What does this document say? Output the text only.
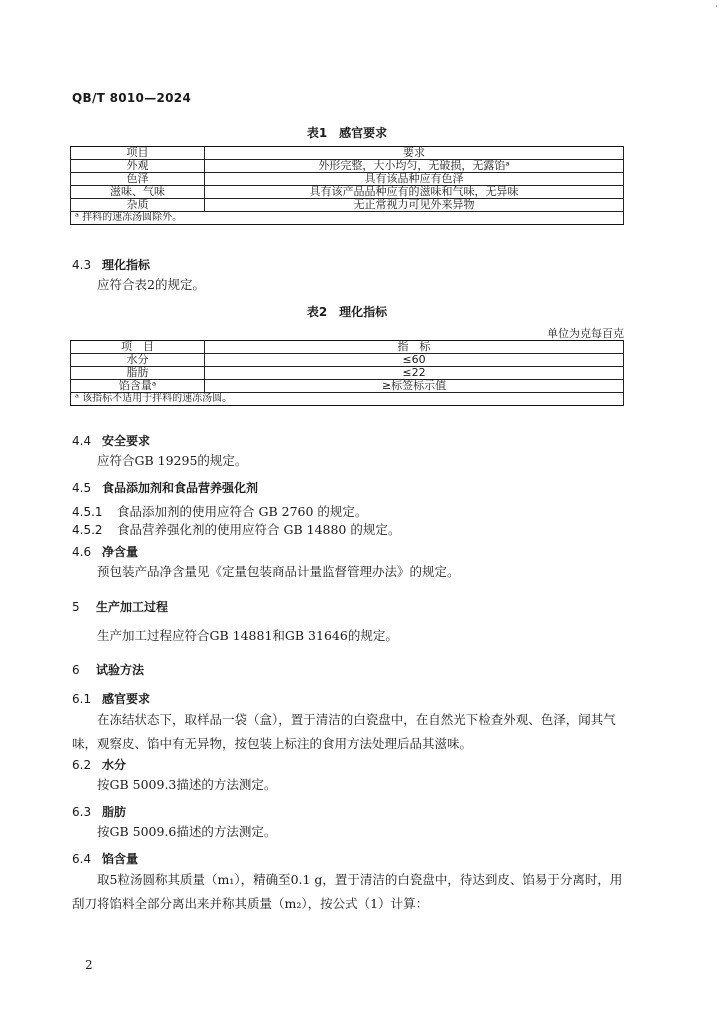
·
QB/T 8010—2024
表1　感官要求
项目	要求
外观	外形完整，大小均匀，无破损，无露馅ᵃ
色泽	具有该品种应有色泽
滋味、气味	具有该产品品种应有的滋味和气味，无异味
杂质	无正常视力可见外来异物
ᵃ 拌料的速冻汤圆除外。	
4.3 理化指标
应符合表2的规定。
表2　理化指标
单位为克每百克
项　目	指　标
水分	≤60
脂肪	≤22
馅含量ᵃ	≥标签标示值
ᵃ 该指标不适用于拌料的速冻汤圆。	
4.4 安全要求
应符合GB 19295的规定。
4.5 食品添加剂和食品营养强化剂
4.5.1 食品添加剂的使用应符合 GB 2760 的规定。
4.5.2 食品营养强化剂的使用应符合 GB 14880 的规定。
4.6 净含量
预包装产品净含量见《定量包装商品计量监督管理办法》的规定。
5 生产加工过程
生产加工过程应符合GB 14881和GB 31646的规定。
6 试验方法
6.1 感官要求
在冻结状态下，取样品一袋（盒），置于清洁的白瓷盘中，在自然光下检查外观、色泽，闻其气味，观察皮、馅中有无异物，按包装上标注的食用方法处理后品其滋味。
6.2 水分
按GB 5009.3描述的方法测定。
6.3 脂肪
按GB 5009.6描述的方法测定。
6.4 馅含量
取5粒汤圆称其质量（m₁），精确至0.1 g，置于清洁的白瓷盘中，待达到皮、馅易于分离时，用刮刀将馅料全部分离出来并称其质量（m₂），按公式（1）计算：
2
